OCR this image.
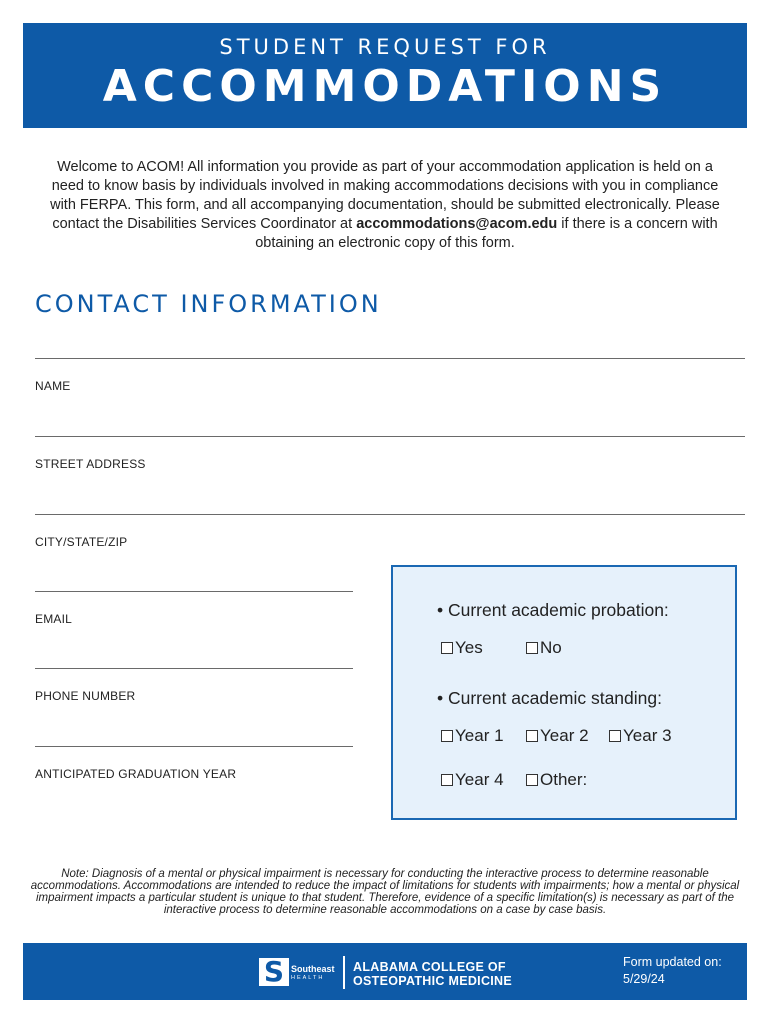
STUDENT REQUEST FOR
ACCOMMODATIONS
Welcome to ACOM! All information you provide as part of your accommodation application is held on a need to know basis by individuals involved in making accommodations decisions with you in compliance with FERPA. This form, and all accompanying documentation, should be submitted electronically. Please contact the Disabilities Services Coordinator at accommodations@acom.edu if there is a concern with obtaining an electronic copy of this form.
CONTACT INFORMATION
NAME
STREET ADDRESS
CITY/STATE/ZIP
EMAIL
PHONE NUMBER
ANTICIPATED GRADUATION YEAR
• Current academic probation:
Yes	No
• Current academic standing:
Year 1 Year 2 Year 3
Year 4 Other:
Note: Diagnosis of a mental or physical impairment is necessary for conducting the interactive process to determine reasonable accommodations. Accommodations are intended to reduce the impact of limitations for students with impairments; how a mental or physical impairment impacts a particular student is unique to that student. Therefore, evidence of a specific limitation(s) is necessary as part of the interactive process to determine reasonable accommodations on a case by case basis.
S Southeast
HEALTH
ALABAMA COLLEGE OF
OSTEOPATHIC MEDICINE
Form updated on:
5/29/24
